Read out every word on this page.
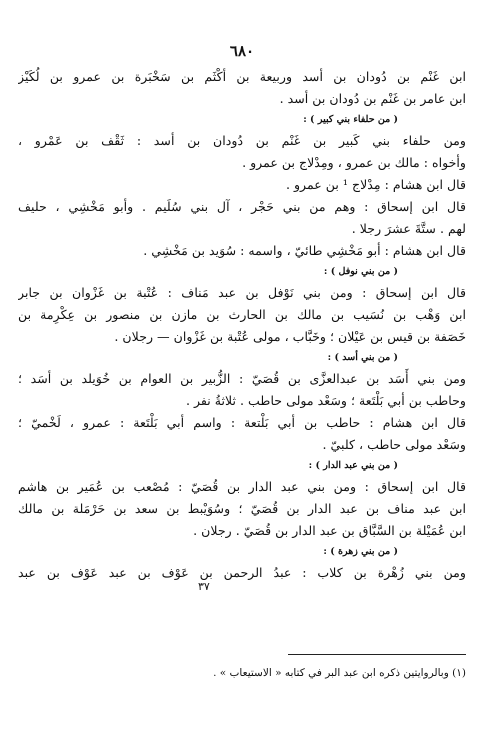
٦٨٠
ابن غَنْم بن دُودان بن أسد وربيعة بن أكْثَم بن سَخْبَرة بن عمرو بن لُكَيْز
ابن عامر بن غَنْم بن دُودان بن أسد .
( من حلفاء بني كبير ) :
ومن حلفاء بني كَبير بن غَنْم بن دُودان بن أسد : ثَقْف بن عَمْرو ،
وأخواه : مالك بن عمرو ، ومِدْلاج بن عمرو .
قال ابن هشام : مِدْلاج ¹ بن عمرو .
قال ابن إسحاق : وهم من بني حَجْر ، آل بني سُلَيم . وأبو مَخْشِي ، حليف
لهم . ستَّةَ عشرَ رجلا .
قال ابن هشام : أبو مَخْشِي طائيّ ، واسمه : سُوَيد بن مَخْشِي .
( من بني نوفل ) :
قال ابن إسحاق : ومن بني نَوْفل بن عبد مَناف : عُتْبة بن غَزْوان بن جابر
ابن وَهْب بن نُسَيب بن مالك بن الحارث بن مازن بن منصور بن عِكْرِمة بن
خَصَفة بن قيس بن عَيْلان ؛ وخَبَّاب ، مولى عُتْبة بن غَزْوان — رجلان .
( من بني أسد ) :
ومن بني أَسَد بن عبدالعزَّى بن قُصَيّ : الزُّبير بن العوام بن خُوَيلد بن أسَد ؛
وحاطب بن أبي بَلْتَعة ؛ وسَعْد مولى حاطب . ثلاثةُ نفر .
قال ابن هشام : حاطب بن أبي بَلْتعة : واسم أبي بَلْتَعة : عمرو ، لَخْميّ ؛
وسَعْد مولى حاطب ، كلبيّ .
( من بني عبد الدار ) :
قال ابن إسحاق : ومن بني عبد الدار بن قُصَيّ : مُصْعب بن عُمَير بن هاشم
ابن عبد مناف بن عبد الدار بن قُصَيّ ؛ وسُوَيْبط بن سعد بن حَرْمَلة بن مالك
ابن عُمَيْلة بن السَّبَّاق بن عبد الدار بن قُصَيّ . رجلان .
( من بني زهرة ) :
ومن بني زُهْرة بن كلاب : عبدُ الرحمن بن عَوْف بن عبد عَوْف بن عبد
٣٧
(١) وبالروايتين ذكره ابن عبد البر في كتابه « الاستيعاب » .
